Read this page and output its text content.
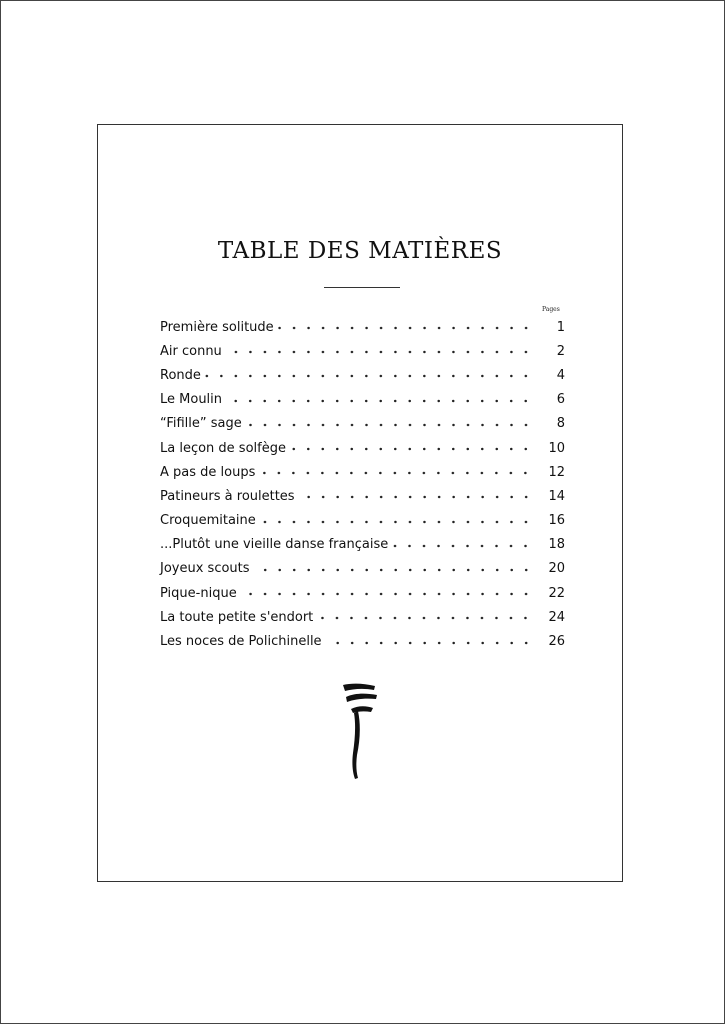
TABLE DES MATIÈRES
Pages
Première solitude	1
Air connu	2
Ronde	4
Le Moulin	6
“Fifille” sage	8
La leçon de solfège	10
A pas de loups	12
Patineurs à roulettes	14
Croquemitaine	16
...Plutôt une vieille danse française	18
Joyeux scouts	20
Pique-nique	22
La toute petite s'endort	24
Les noces de Polichinelle	26
